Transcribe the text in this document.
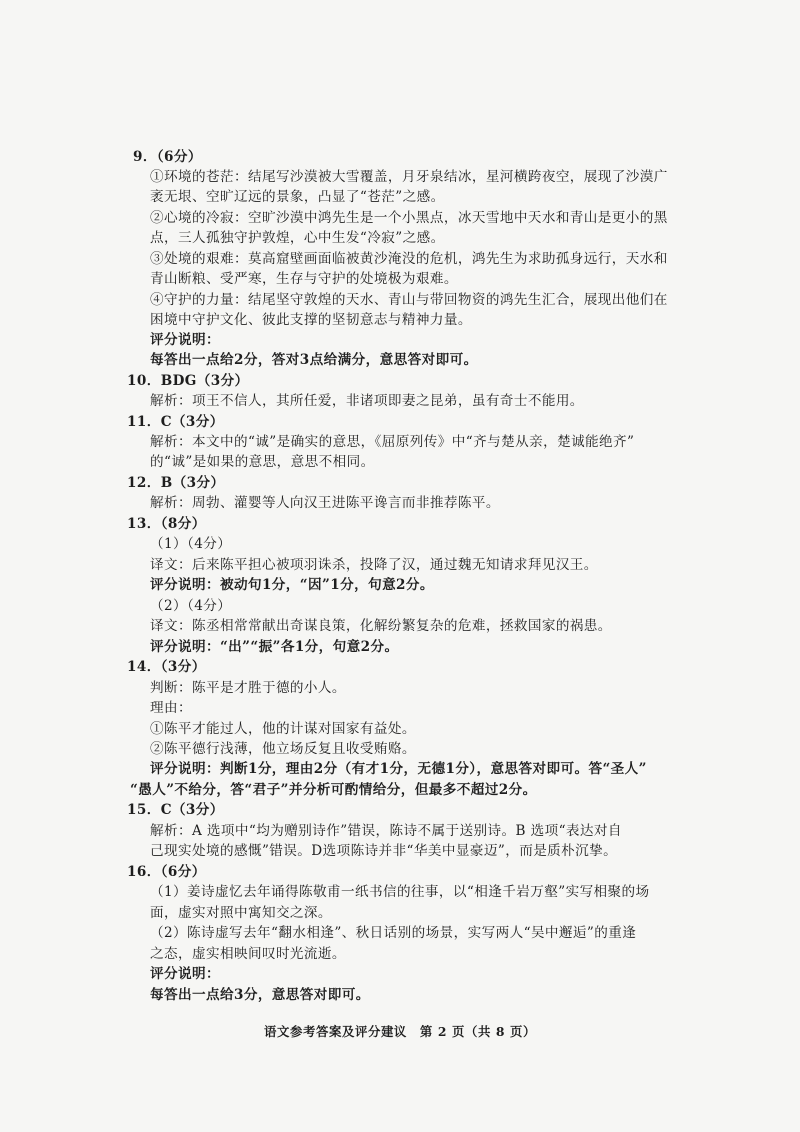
9．（6分）

①环境的苍茫：结尾写沙漠被大雪覆盖，月牙泉结冰，星河横跨夜空，展现了沙漠广

袤无垠、空旷辽远的景象，凸显了“苍茫”之感。

②心境的冷寂：空旷沙漠中鸿先生是一个小黑点，冰天雪地中天水和青山是更小的黑

点，三人孤独守护敦煌，心中生发“冷寂”之感。

③处境的艰难：莫高窟壁画面临被黄沙淹没的危机，鸿先生为求助孤身远行，天水和

青山断粮、受严寒，生存与守护的处境极为艰难。

④守护的力量：结尾坚守敦煌的天水、青山与带回物资的鸿先生汇合，展现出他们在

困境中守护文化、彼此支撑的坚韧意志与精神力量。

评分说明：

每答出一点给2分，答对3点给满分，意思答对即可。

10．BDG（3分）

解析：项王不信人，其所任爱，非诸项即妻之昆弟，虽有奇士不能用。

11．C（3分）

解析：本文中的“诚”是确实的意思，《屈原列传》中“齐与楚从亲，楚诚能绝齐”

的“诚”是如果的意思，意思不相同。

12．B（3分）

解析：周勃、灌婴等人向汉王进陈平谗言而非推荐陈平。

13．（8分）

（1）（4分）

译文：后来陈平担心被项羽诛杀，投降了汉，通过魏无知请求拜见汉王。

评分说明：被动句1分，“因”1分，句意2分。

（2）（4分）

译文：陈丞相常常献出奇谋良策，化解纷繁复杂的危难，拯救国家的祸患。

评分说明：“出”“振”各1分，句意2分。

14．（3分）

判断：陈平是才胜于德的小人。

理由：

①陈平才能过人，他的计谋对国家有益处。

②陈平德行浅薄，他立场反复且收受贿赂。

评分说明：判断1分，理由2分（有才1分，无德1分），意思答对即可。答“圣人”

“愚人”不给分，答“君子”并分析可酌情给分，但最多不超过2分。

15．C（3分）

解析：A 选项中“均为赠别诗作”错误，陈诗不属于送别诗。B 选项“表达对自

己现实处境的感慨”错误。D选项陈诗并非“华美中显豪迈”，而是质朴沉挚。

16．（6分）

（1）姜诗虚忆去年诵得陈敬甫一纸书信的往事，以“相逢千岩万壑”实写相聚的场

面，虚实对照中寓知交之深。

（2）陈诗虚写去年“翻水相逢”、秋日话别的场景，实写两人“吴中邂逅”的重逢

之态，虚实相映间叹时光流逝。

评分说明：

每答出一点给3分，意思答对即可。

语文参考答案及评分建议　第 2 页（共 8 页）
